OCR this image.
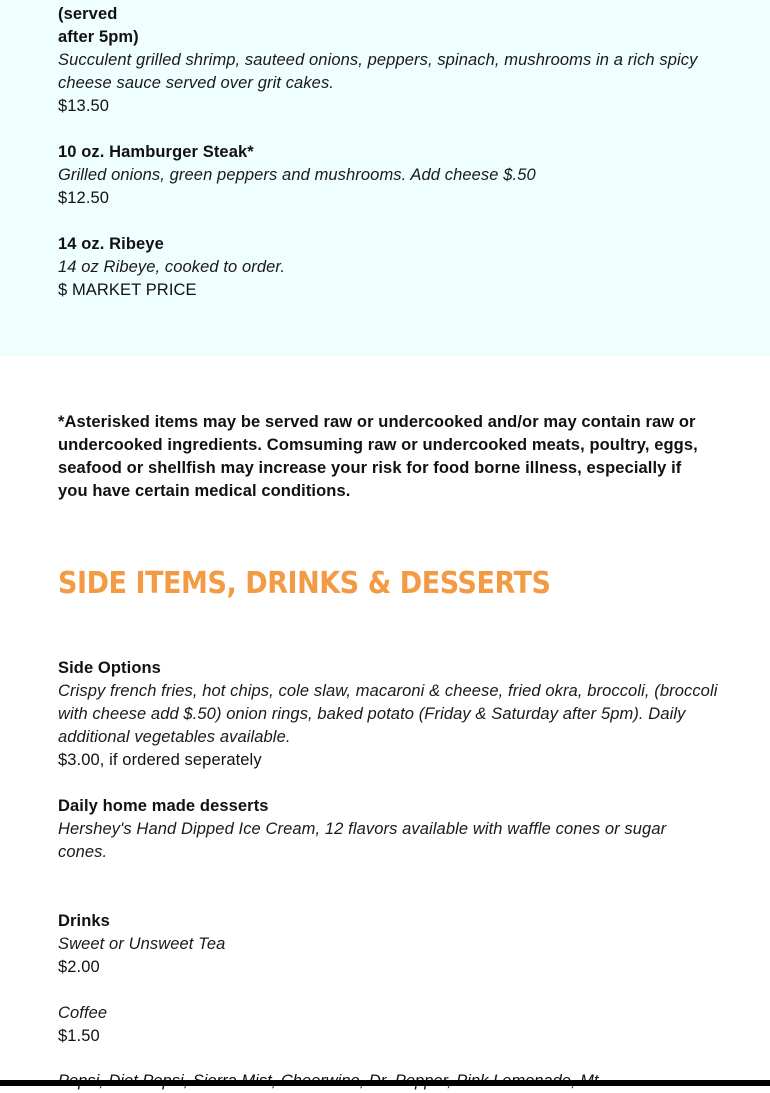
(served
after 5pm)
Succulent grilled shrimp, sauteed onions, peppers, spinach, mushrooms in a rich spicy cheese sauce served over grit cakes.
$13.50
10 oz. Hamburger Steak*
Grilled onions, green peppers and mushrooms. Add cheese $.50
$12.50
14 oz. Ribeye
14 oz Ribeye, cooked to order.
$ MARKET PRICE
*Asterisked items may be served raw or undercooked and/or may contain raw or undercooked ingredients. Comsuming raw or undercooked meats, poultry, eggs, seafood or shellfish may increase your risk for food borne illness, especially if you have certain medical conditions.
SIDE ITEMS, DRINKS & DESSERTS
Side Options
Crispy french fries, hot chips, cole slaw, macaroni & cheese, fried okra, broccoli, (broccoli with cheese add $.50) onion rings, baked potato (Friday & Saturday after 5pm). Daily additional vegetables available.
$3.00, if ordered seperately
Daily home made desserts
Hershey's Hand Dipped Ice Cream, 12 flavors available with waffle cones or sugar cones.
Drinks
Sweet or Unsweet Tea
$2.00
Coffee
$1.50
